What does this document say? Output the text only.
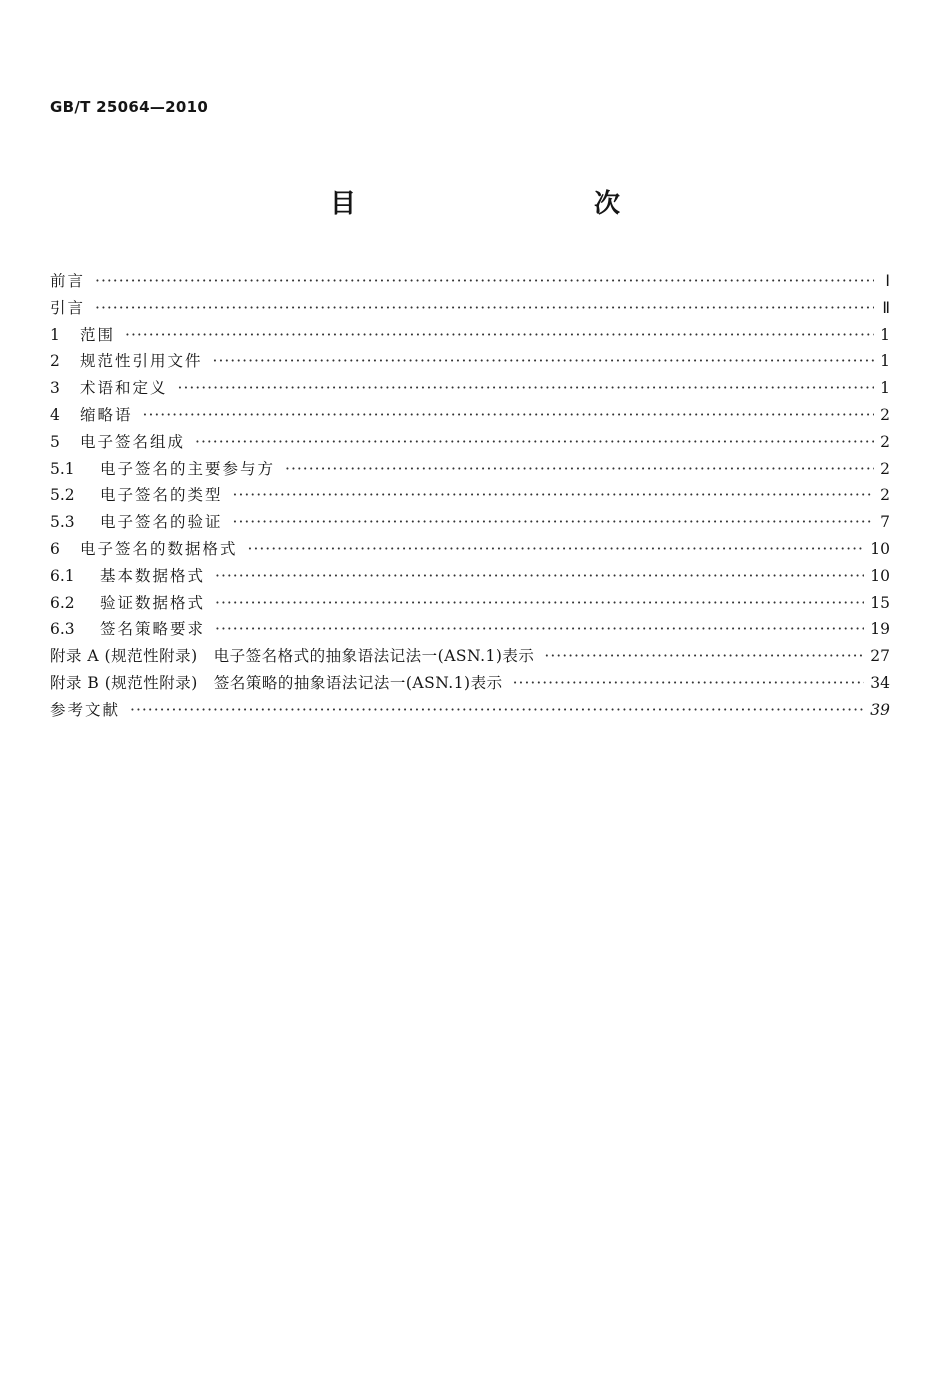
GB/T 25064—2010
目　　次
前言 ·····	Ⅰ
引言 ·····	Ⅱ
1	范围 ·····	1
2	规范性引用文件 ·····	1
3	术语和定义 ·····	1
4	缩略语 ·····	2
5	电子签名组成 ·····	2
5.1	电子签名的主要参与方 ·····	2
5.2	电子签名的类型 ·····	2
5.3	电子签名的验证 ·····	7
6	电子签名的数据格式 ·····	10
6.1	基本数据格式 ·····	10
6.2	验证数据格式 ·····	15
6.3	签名策略要求 ·····	19
附录 A (规范性附录)　电子签名格式的抽象语法记法一(ASN.1)表示 ·····	27
附录 B (规范性附录)　签名策略的抽象语法记法一(ASN.1)表示 ·····	34
参考文献 ·····	39
